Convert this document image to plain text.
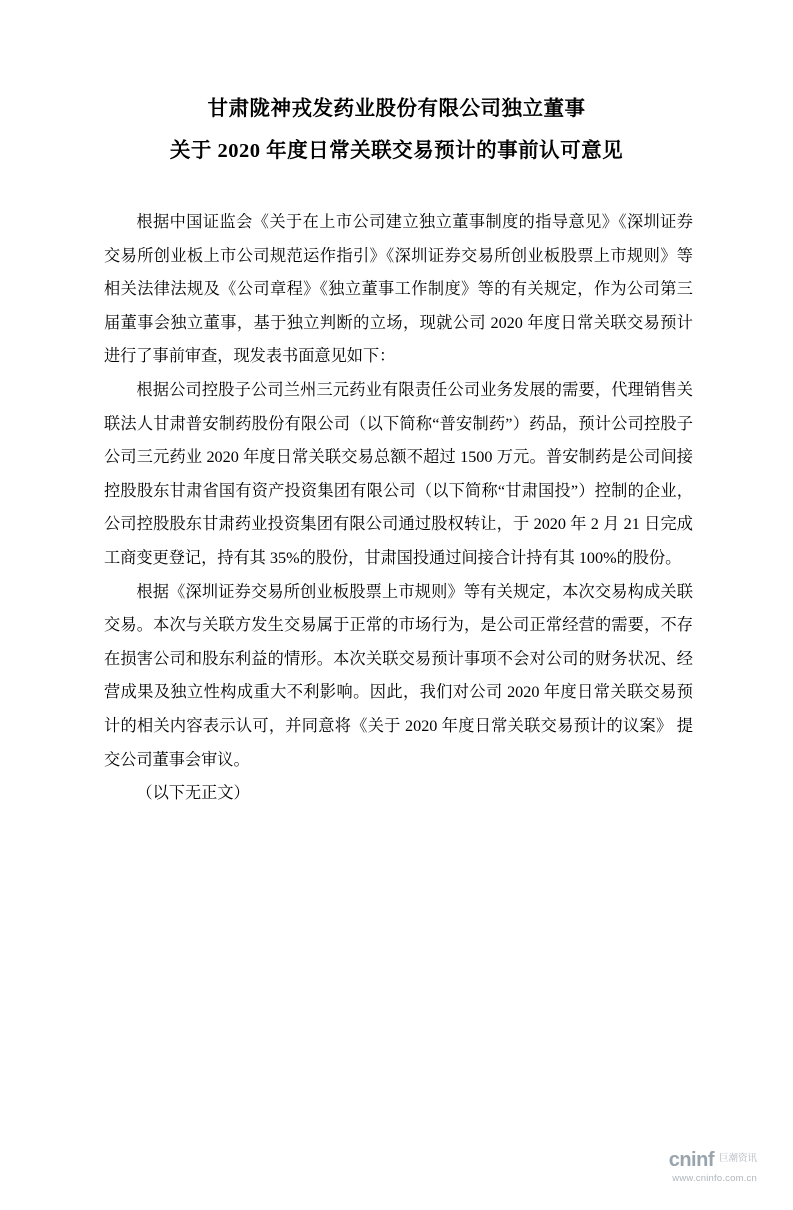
甘肃陇神戎发药业股份有限公司独立董事
关于 2020 年度日常关联交易预计的事前认可意见

根据中国证监会《关于在上市公司建立独立董事制度的指导意见》《深圳证券交易所创业板上市公司规范运作指引》《深圳证券交易所创业板股票上市规则》等相关法律法规及《公司章程》《独立董事工作制度》等的有关规定，作为公司第三届董事会独立董事，基于独立判断的立场，现就公司 2020 年度日常关联交易预计进行了事前审查，现发表书面意见如下：

根据公司控股子公司兰州三元药业有限责任公司业务发展的需要，代理销售关联法人甘肃普安制药股份有限公司（以下简称“普安制药”）药品，预计公司控股子公司三元药业 2020 年度日常关联交易总额不超过 1500 万元。普安制药是公司间接控股股东甘肃省国有资产投资集团有限公司（以下简称“甘肃国投”）控制的企业，公司控股股东甘肃药业投资集团有限公司通过股权转让，于 2020 年 2 月 21 日完成工商变更登记，持有其 35%的股份，甘肃国投通过间接合计持有其 100%的股份。

根据《深圳证券交易所创业板股票上市规则》等有关规定，本次交易构成关联交易。本次与关联方发生交易属于正常的市场行为，是公司正常经营的需要，不存在损害公司和股东利益的情形。本次关联交易预计事项不会对公司的财务状况、经营成果及独立性构成重大不利影响。因此，我们对公司 2020 年度日常关联交易预计的相关内容表示认可，并同意将《关于 2020 年度日常关联交易预计的议案》 提交公司董事会审议。

（以下无正文）

cninf 巨潮资讯
www.cninfo.com.cn
